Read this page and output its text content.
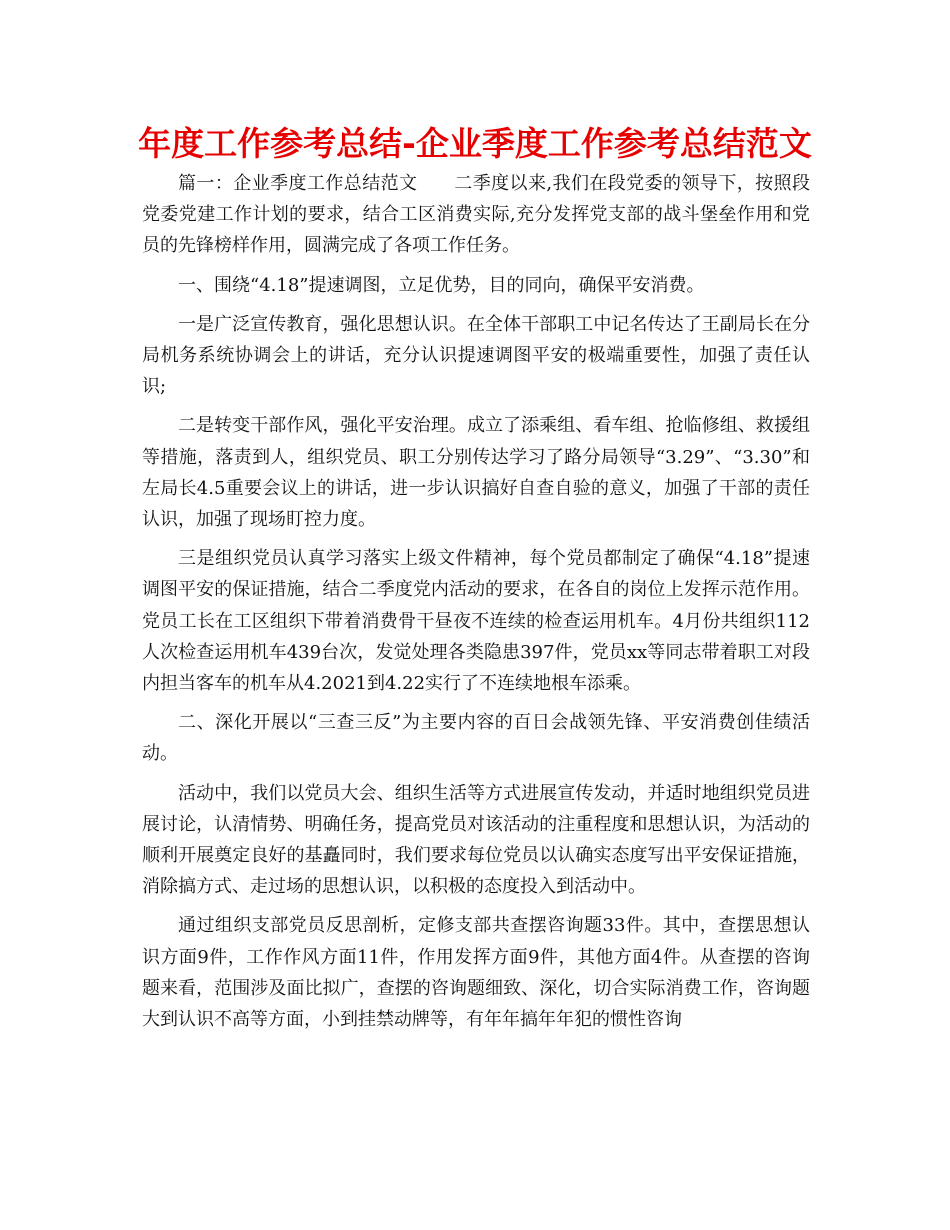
年度工作参考总结-企业季度工作参考总结范文

篇一：企业季度工作总结范文　　二季度以来,我们在段党委的领导下，按照段党委党建工作计划的要求，结合工区消费实际,充分发挥党支部的战斗堡垒作用和党员的先锋榜样作用，圆满完成了各项工作任务。

一、围绕“4.18”提速调图，立足优势，目的同向，确保平安消费。

一是广泛宣传教育，强化思想认识。在全体干部职工中记名传达了王副局长在分局机务系统协调会上的讲话，充分认识提速调图平安的极端重要性，加强了责任认识;

二是转变干部作风，强化平安治理。成立了添乘组、看车组、抢临修组、救援组等措施，落责到人，组织党员、职工分别传达学习了路分局领导“3.29”、“3.30”和左局长4.5重要会议上的讲话，进一步认识搞好自查自验的意义，加强了干部的责任认识，加强了现场盯控力度。

三是组织党员认真学习落实上级文件精神，每个党员都制定了确保“4.18”提速调图平安的保证措施，结合二季度党内活动的要求，在各自的岗位上发挥示范作用。党员工长在工区组织下带着消费骨干昼夜不连续的检查运用机车。4月份共组织112人次检查运用机车439台次，发觉处理各类隐患397件，党员xx等同志带着职工对段内担当客车的机车从4.2021到4.22实行了不连续地根车添乘。

二、深化开展以“三查三反”为主要内容的百日会战领先锋、平安消费创佳绩活动。

活动中，我们以党员大会、组织生活等方式进展宣传发动，并适时地组织党员进展讨论，认清情势、明确任务，提高党员对该活动的注重程度和思想认识，为活动的顺利开展奠定良好的基矗同时，我们要求每位党员以认确实态度写出平安保证措施，消除搞方式、走过场的思想认识，以积极的态度投入到活动中。

通过组织支部党员反思剖析，定修支部共查摆咨询题33件。其中，查摆思想认识方面9件，工作作风方面11件，作用发挥方面9件，其他方面4件。从查摆的咨询题来看，范围涉及面比拟广，查摆的咨询题细致、深化，切合实际消费工作，咨询题大到认识不高等方面，小到挂禁动牌等，有年年搞年年犯的惯性咨询
